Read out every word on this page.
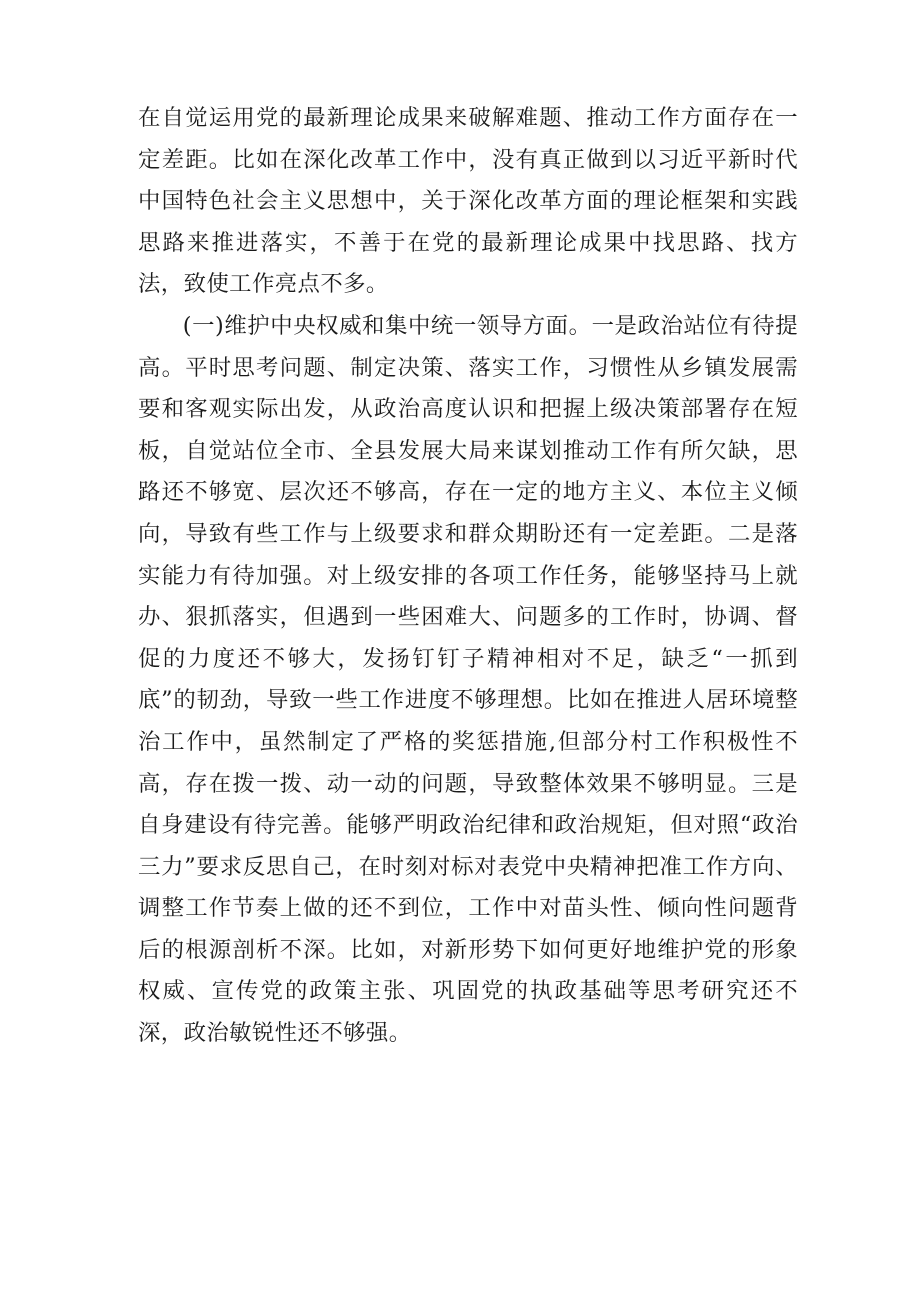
在自觉运用党的最新理论成果来破解难题、推动工作方面存在一定差距。比如在深化改革工作中，没有真正做到以习近平新时代中国特色社会主义思想中，关于深化改革方面的理论框架和实践思路来推进落实，不善于在党的最新理论成果中找思路、找方法，致使工作亮点不多。

(一)维护中央权威和集中统一领导方面。一是政治站位有待提高。平时思考问题、制定决策、落实工作，习惯性从乡镇发展需要和客观实际出发，从政治高度认识和把握上级决策部署存在短板，自觉站位全市、全县发展大局来谋划推动工作有所欠缺，思路还不够宽、层次还不够高，存在一定的地方主义、本位主义倾向，导致有些工作与上级要求和群众期盼还有一定差距。二是落实能力有待加强。对上级安排的各项工作任务，能够坚持马上就办、狠抓落实，但遇到一些困难大、问题多的工作时，协调、督促的力度还不够大，发扬钉钉子精神相对不足，缺乏“一抓到底”的韧劲，导致一些工作进度不够理想。比如在推进人居环境整治工作中，虽然制定了严格的奖惩措施,但部分村工作积极性不高，存在拨一拨、动一动的问题，导致整体效果不够明显。三是自身建设有待完善。能够严明政治纪律和政治规矩，但对照“政治三力”要求反思自己，在时刻对标对表党中央精神把准工作方向、调整工作节奏上做的还不到位，工作中对苗头性、倾向性问题背后的根源剖析不深。比如，对新形势下如何更好地维护党的形象权威、宣传党的政策主张、巩固党的执政基础等思考研究还不深，政治敏锐性还不够强。
